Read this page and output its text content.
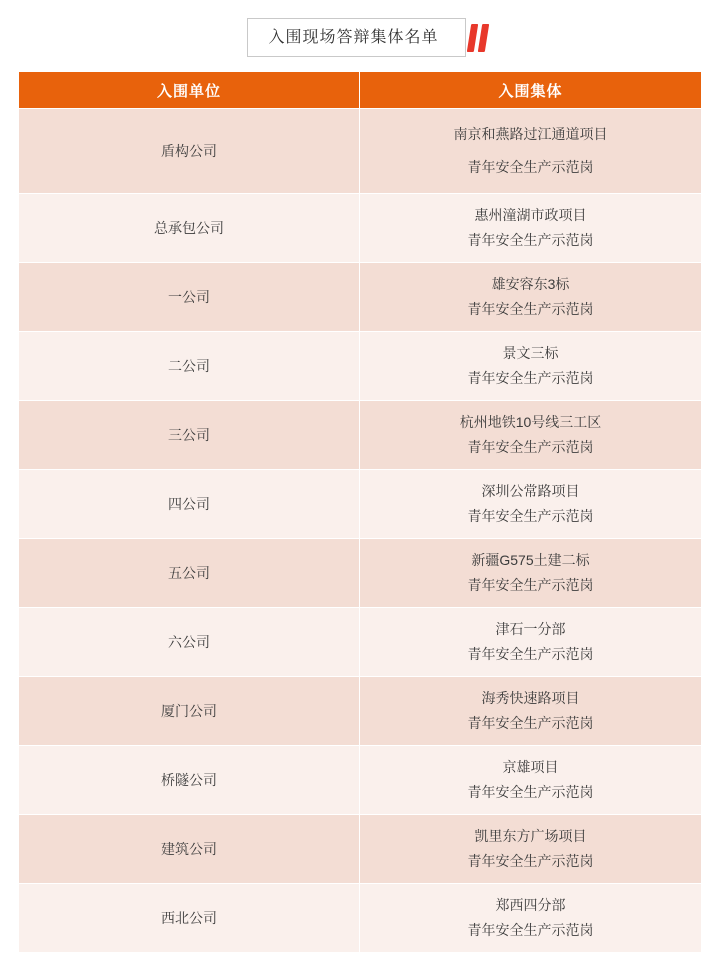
入围现场答辩集体名单
入围单位	入围集体
盾构公司	南京和燕路过江通道项目
青年安全生产示范岗

总承包公司	惠州潼湖市政项目
青年安全生产示范岗

一公司	雄安容东3标
青年安全生产示范岗

二公司	景文三标
青年安全生产示范岗

三公司	杭州地铁10号线三工区
青年安全生产示范岗

四公司	深圳公常路项目
青年安全生产示范岗

五公司	新疆G575土建二标
青年安全生产示范岗

六公司	津石一分部
青年安全生产示范岗

厦门公司	海秀快速路项目
青年安全生产示范岗

桥隧公司	京雄项目
青年安全生产示范岗

建筑公司	凯里东方广场项目
青年安全生产示范岗

西北公司	郑西四分部
青年安全生产示范岗
